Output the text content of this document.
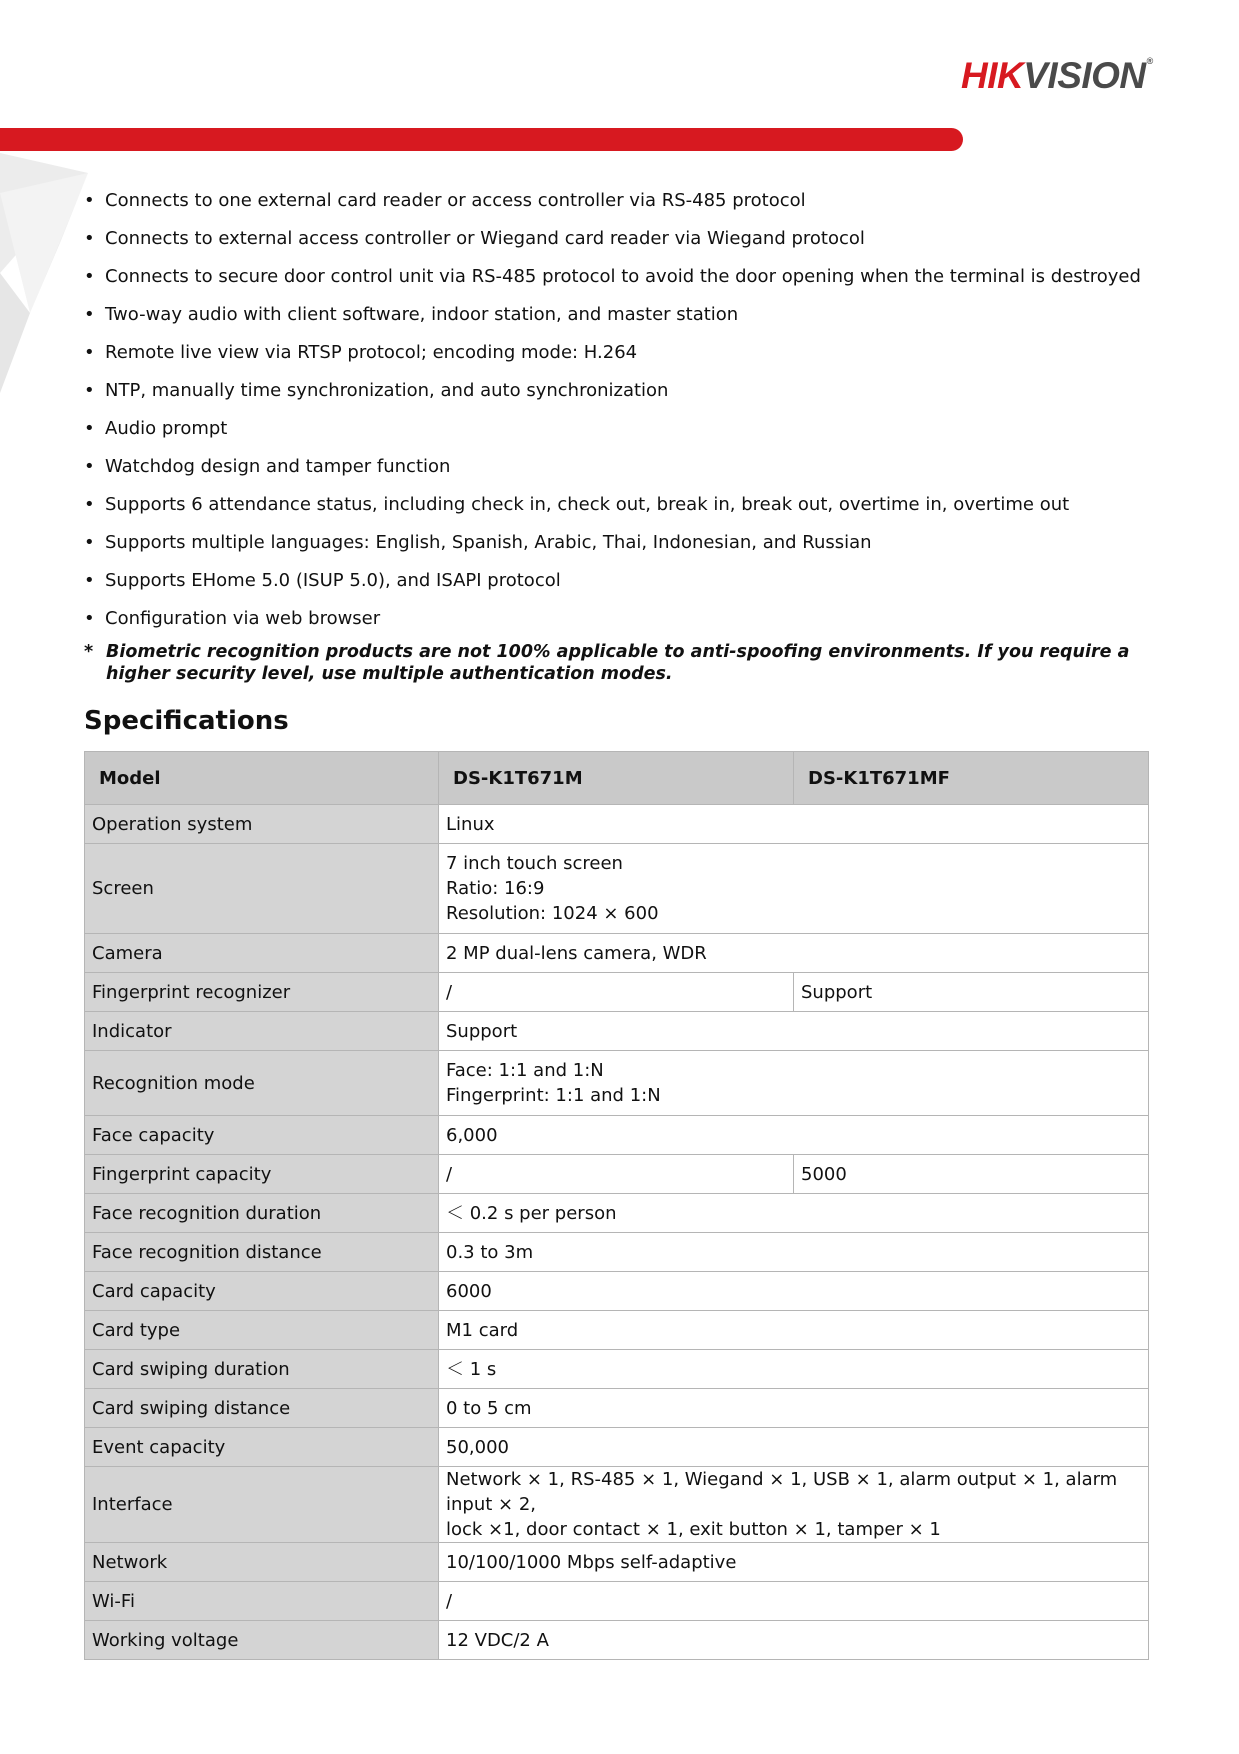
HIKVISION®
• Connects to one external card reader or access controller via RS-485 protocol
• Connects to external access controller or Wiegand card reader via Wiegand protocol
• Connects to secure door control unit via RS-485 protocol to avoid the door opening when the terminal is destroyed
• Two-way audio with client software, indoor station, and master station
• Remote live view via RTSP protocol; encoding mode: H.264
• NTP, manually time synchronization, and auto synchronization
• Audio prompt
• Watchdog design and tamper function
• Supports 6 attendance status, including check in, check out, break in, break out, overtime in, overtime out
• Supports multiple languages: English, Spanish, Arabic, Thai, Indonesian, and Russian
• Supports EHome 5.0 (ISUP 5.0), and ISAPI protocol
• Configuration via web browser
* Biometric recognition products are not 100% applicable to anti-spoofing environments. If you require a higher security level, use multiple authentication modes.
Specifications
Model	DS-K1T671M	DS-K1T671MF
Operation system	Linux	
Screen	7 inch touch screen
Ratio: 16:9
Resolution: 1024 × 600	

Camera	2 MP dual-lens camera, WDR	
Fingerprint recognizer	/	Support
Indicator	Support	
Recognition mode	Face: 1:1 and 1:N
Fingerprint: 1:1 and 1:N	

Face capacity	6,000	
Fingerprint capacity	/	5000
Face recognition duration	＜ 0.2 s per person	
Face recognition distance	0.3 to 3m	
Card capacity	6000	
Card type	M1 card	
Card swiping duration	＜ 1 s	
Card swiping distance	0 to 5 cm	
Event capacity	50,000	
Interface	Network × 1, RS-485 × 1, Wiegand × 1, USB × 1, alarm output × 1, alarm input × 2,
lock ×1, door contact × 1, exit button × 1, tamper × 1	

Network	10/100/1000 Mbps self-adaptive	
Wi-Fi	/	
Working voltage	12 VDC/2 A	
